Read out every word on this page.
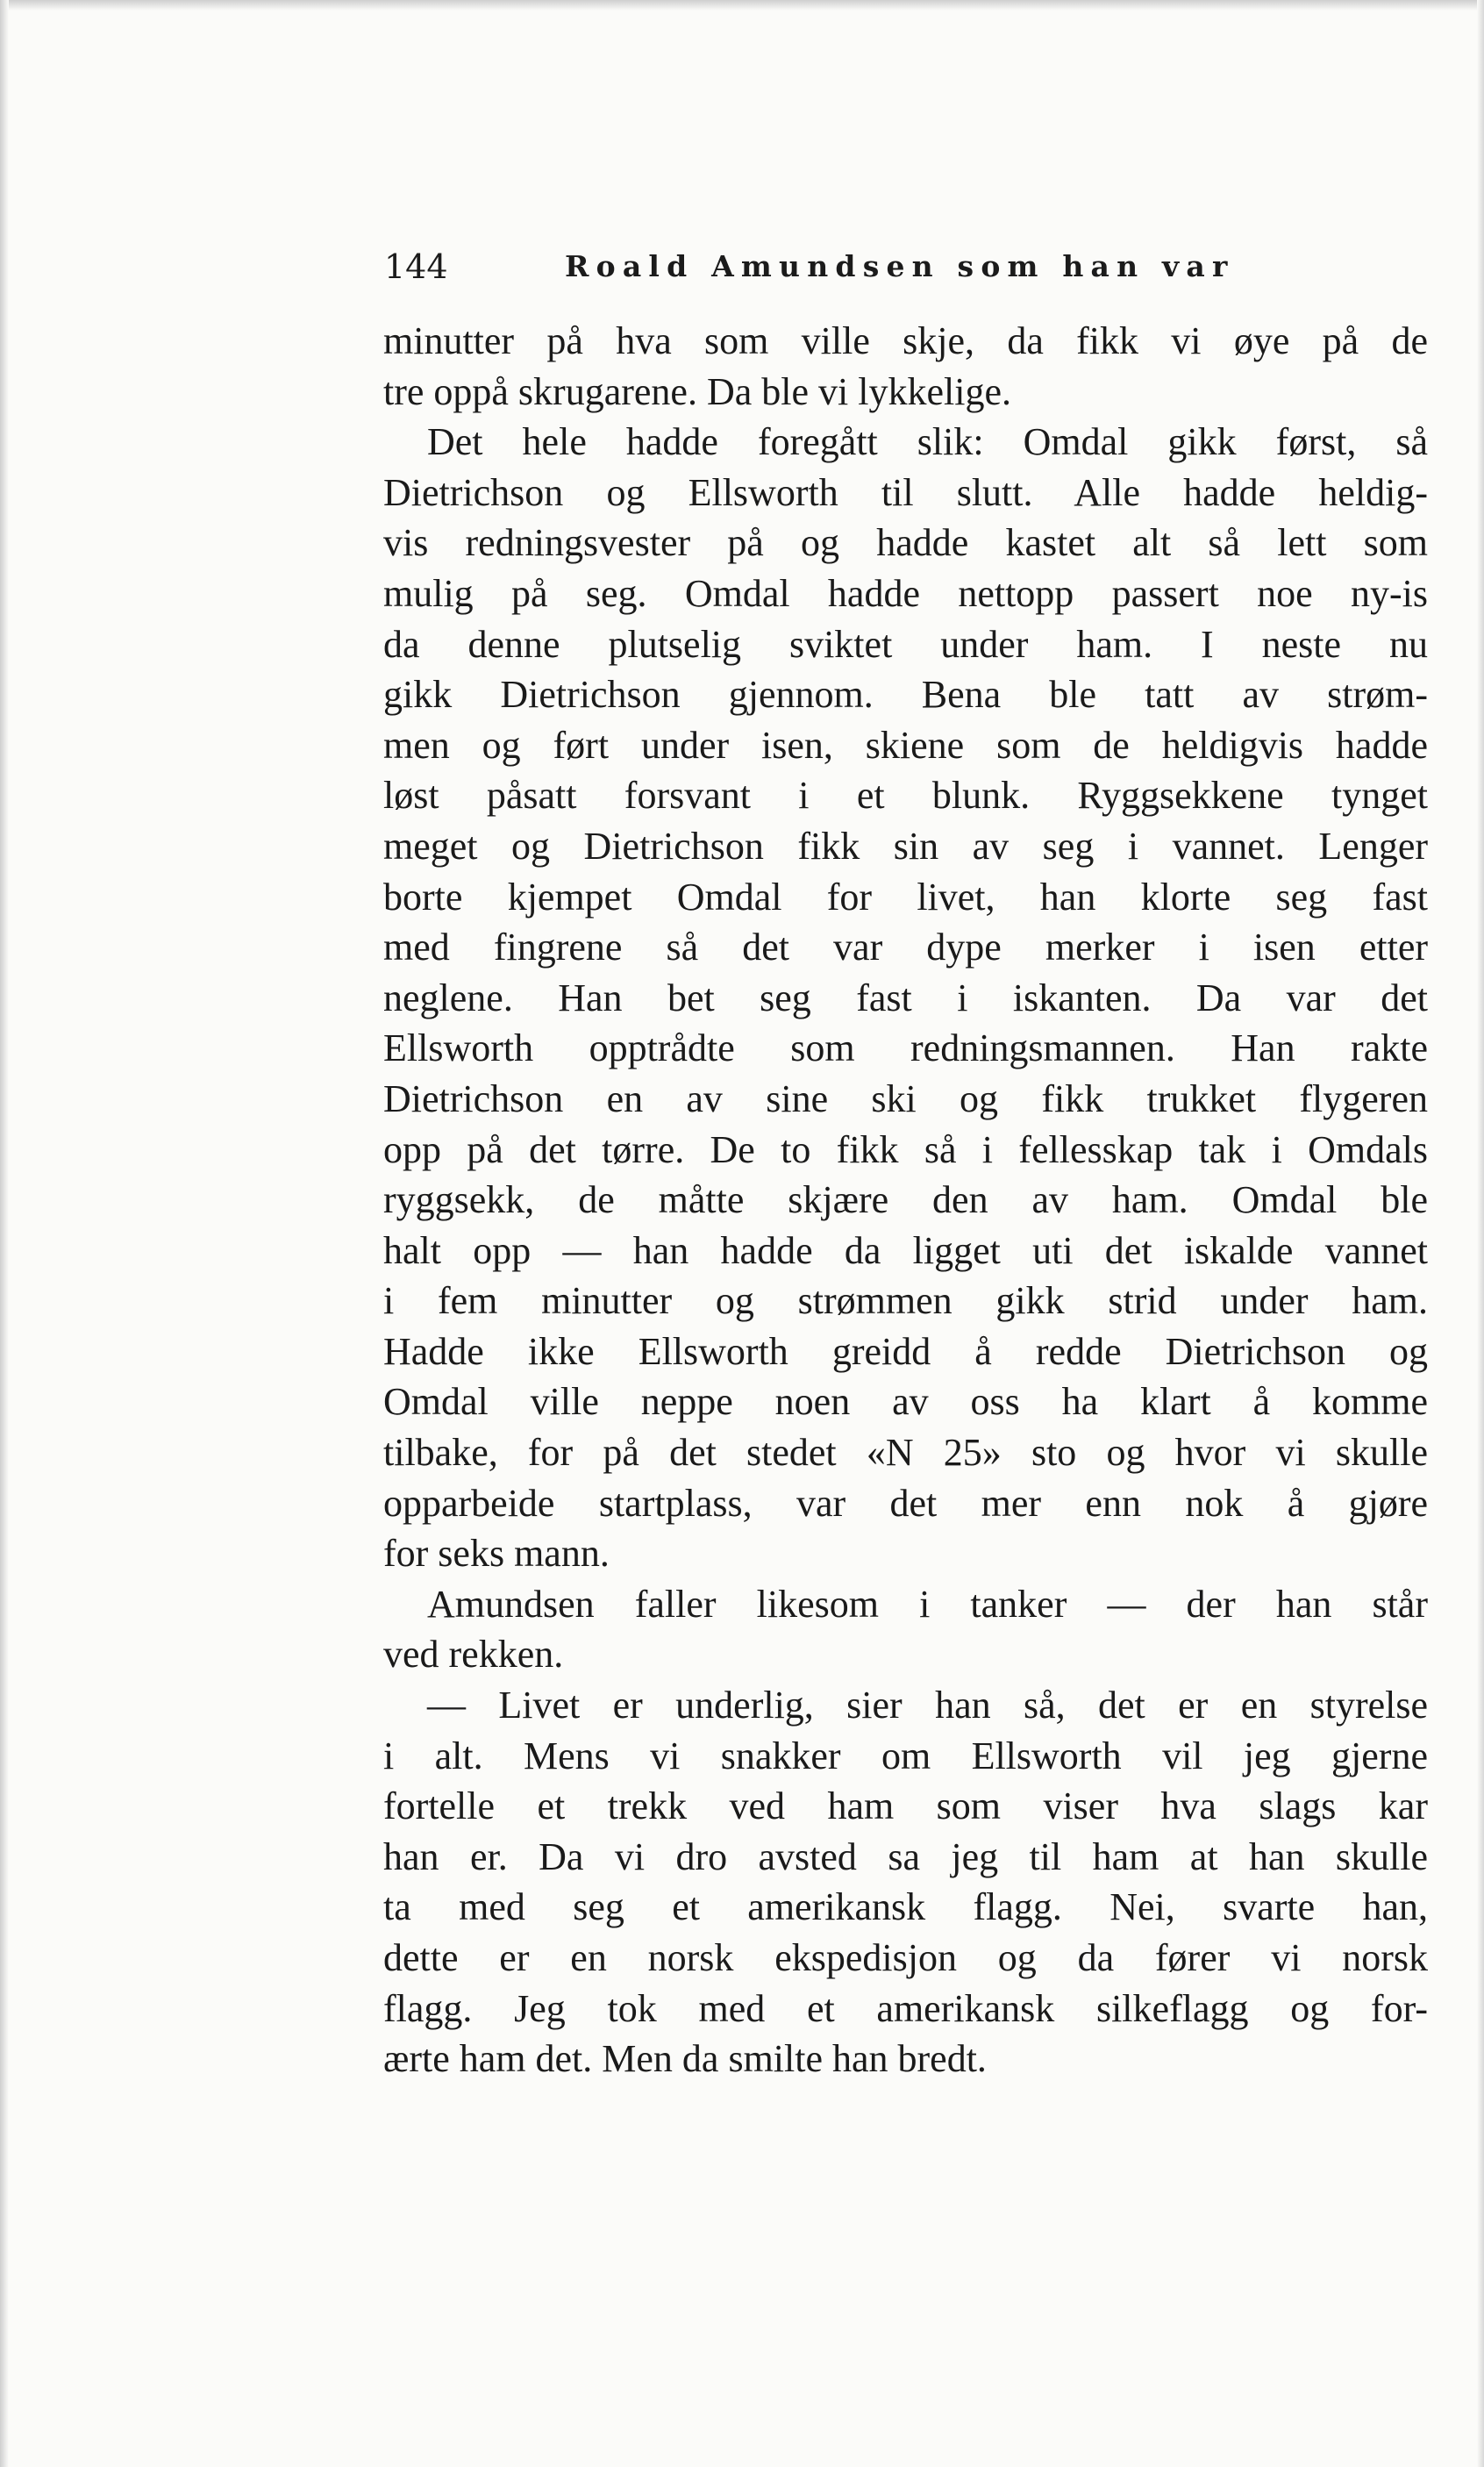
144	Roald Amundsen som han var
minutter på hva som ville skje, da fikk vi øye på de
tre oppå skrugarene. Da ble vi lykkelige.
Det hele hadde foregått slik: Omdal gikk først, så
Dietrichson og Ellsworth til slutt. Alle hadde heldig-
vis redningsvester på og hadde kastet alt så lett som
mulig på seg. Omdal hadde nettopp passert noe ny-is
da denne plutselig sviktet under ham. I neste nu
gikk Dietrichson gjennom. Bena ble tatt av strøm-
men og ført under isen, skiene som de heldigvis hadde
løst påsatt forsvant i et blunk. Ryggsekkene tynget
meget og Dietrichson fikk sin av seg i vannet. Lenger
borte kjempet Omdal for livet, han klorte seg fast
med fingrene så det var dype merker i isen etter
neglene. Han bet seg fast i iskanten. Da var det
Ellsworth opptrådte som redningsmannen. Han rakte
Dietrichson en av sine ski og fikk trukket flygeren
opp på det tørre. De to fikk så i fellesskap tak i Omdals
ryggsekk, de måtte skjære den av ham. Omdal ble
halt opp — han hadde da ligget uti det iskalde vannet
i fem minutter og strømmen gikk strid under ham.
Hadde ikke Ellsworth greidd å redde Dietrichson og
Omdal ville neppe noen av oss ha klart å komme
tilbake, for på det stedet «N 25» sto og hvor vi skulle
opparbeide startplass, var det mer enn nok å gjøre
for seks mann.
Amundsen faller likesom i tanker — der han står
ved rekken.
— Livet er underlig, sier han så, det er en styrelse
i alt. Mens vi snakker om Ellsworth vil jeg gjerne
fortelle et trekk ved ham som viser hva slags kar
han er. Da vi dro avsted sa jeg til ham at han skulle
ta med seg et amerikansk flagg. Nei, svarte han,
dette er en norsk ekspedisjon og da fører vi norsk
flagg. Jeg tok med et amerikansk silkeflagg og for-
ærte ham det. Men da smilte han bredt.
